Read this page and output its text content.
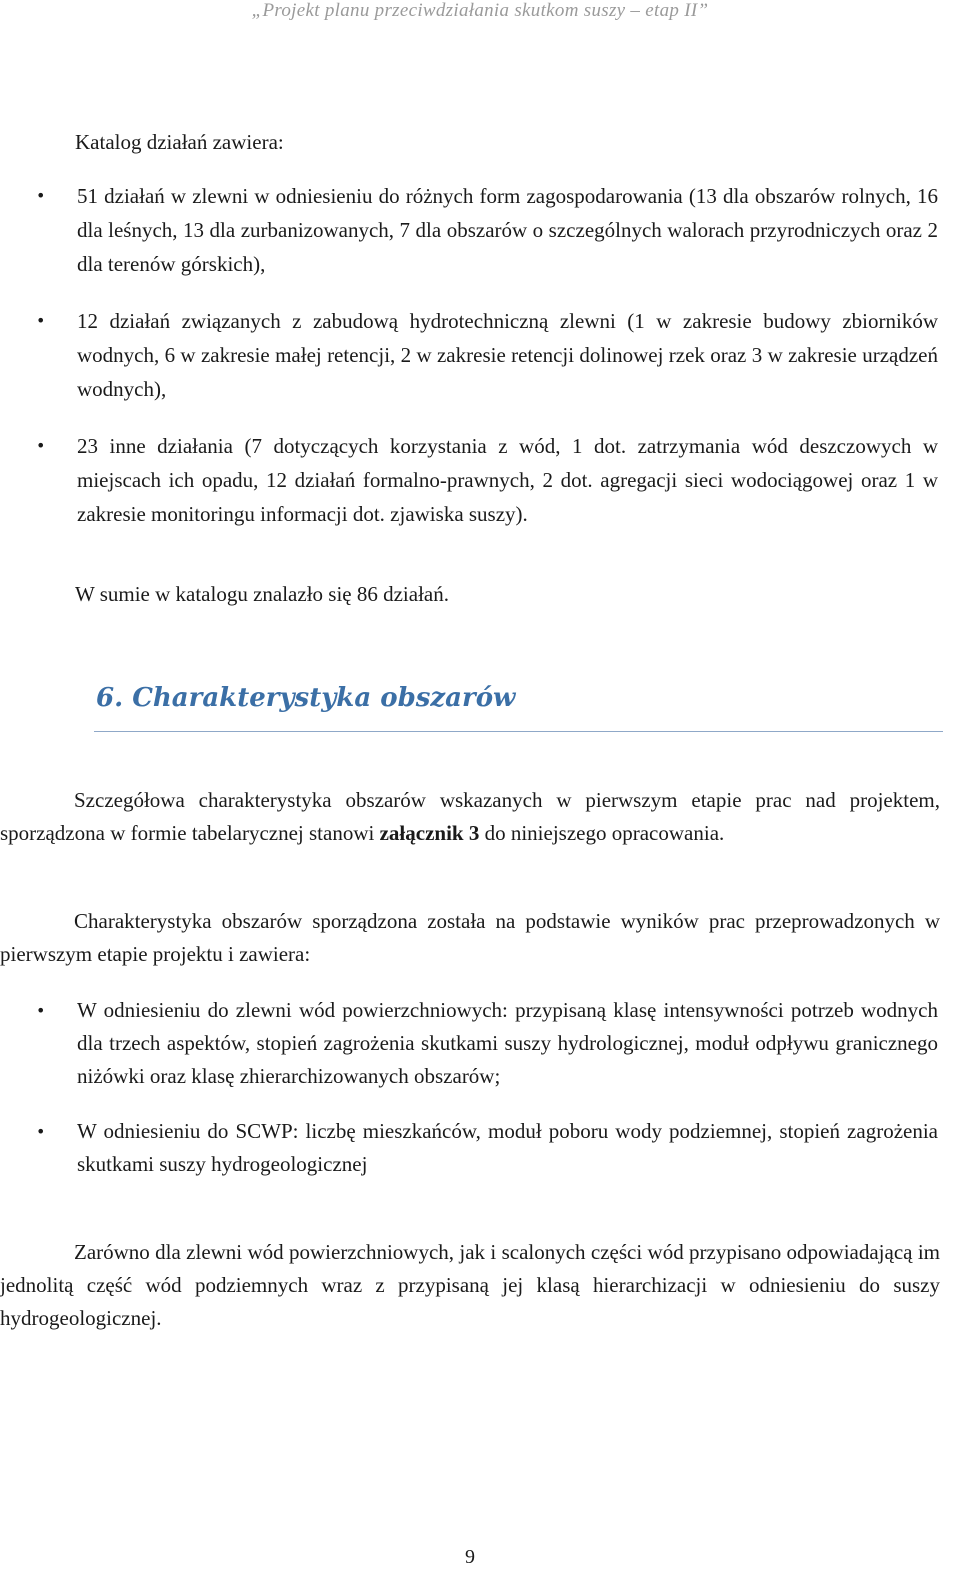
„Projekt planu przeciwdziałania skutkom suszy – etap II”
Katalog działań zawiera:
• 51 działań w zlewni w odniesieniu do różnych form zagospodarowania (13 dla obszarów rolnych, 16 dla leśnych, 13 dla zurbanizowanych, 7 dla obszarów o szczególnych walorach przyrodniczych oraz 2 dla terenów górskich),
• 12 działań związanych z zabudową hydrotechniczną zlewni (1 w zakresie budowy zbiorników wodnych, 6 w zakresie małej retencji, 2 w zakresie retencji dolinowej rzek oraz 3 w zakresie urządzeń wodnych),
• 23 inne działania (7 dotyczących korzystania z wód, 1 dot. zatrzymania wód deszczowych w miejscach ich opadu, 12 działań formalno-prawnych, 2 dot. agregacji sieci wodociągowej oraz 1 w zakresie monitoringu informacji dot. zjawiska suszy).
W sumie w katalogu znalazło się 86 działań.
6. Charakterystyka obszarów
Szczegółowa charakterystyka obszarów wskazanych w pierwszym etapie prac nad projektem, sporządzona w formie tabelarycznej stanowi załącznik 3 do niniejszego opracowania.
Charakterystyka obszarów sporządzona została na podstawie wyników prac przeprowadzonych w pierwszym etapie projektu i zawiera:
• W odniesieniu do zlewni wód powierzchniowych: przypisaną klasę intensywności potrzeb wodnych dla trzech aspektów, stopień zagrożenia skutkami suszy hydrologicznej, moduł odpływu granicznego niżówki oraz klasę zhierarchizowanych obszarów;
• W odniesieniu do SCWP: liczbę mieszkańców, moduł poboru wody podziemnej, stopień zagrożenia skutkami suszy hydrogeologicznej
Zarówno dla zlewni wód powierzchniowych, jak i scalonych części wód przypisano odpowiadającą im jednolitą część wód podziemnych wraz z przypisaną jej klasą hierarchizacji w odniesieniu do suszy hydrogeologicznej.
9
